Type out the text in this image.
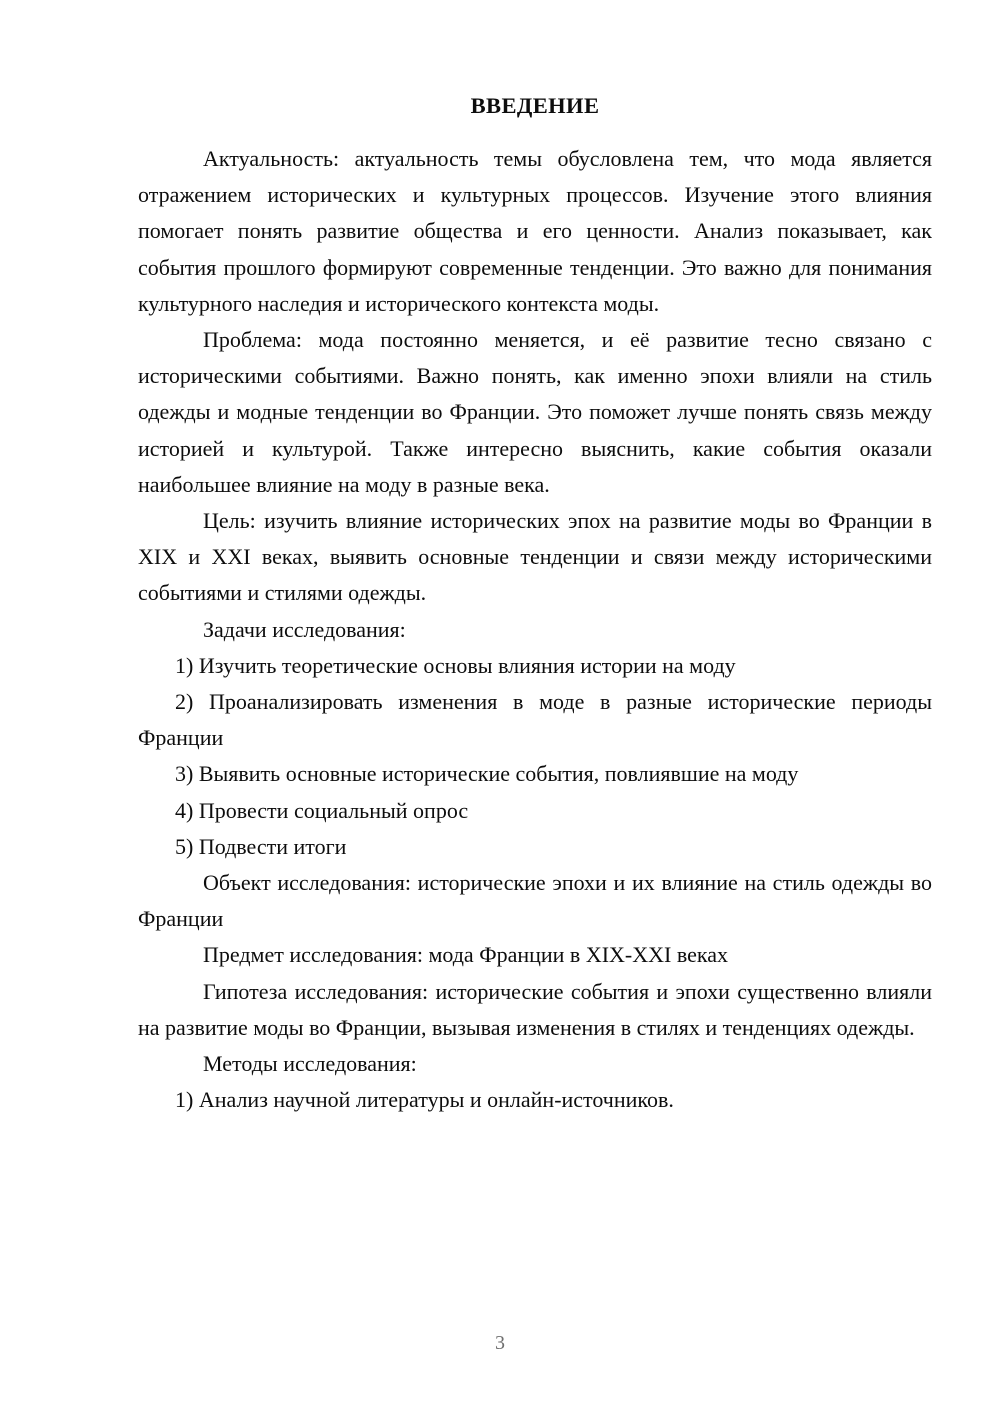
ВВЕДЕНИЕ

Актуальность: актуальность темы обусловлена тем, что мода является отражением исторических и культурных процессов. Изучение этого влияния помогает понять развитие общества и его ценности. Анализ показывает, как события прошлого формируют современные тенденции. Это важно для понимания культурного наследия и исторического контекста моды.

Проблема: мода постоянно меняется, и её развитие тесно связано с историческими событиями. Важно понять, как именно эпохи влияли на стиль одежды и модные тенденции во Франции. Это поможет лучше понять связь между историей и культурой. Также интересно выяснить, какие события оказали наибольшее влияние на моду в разные века.

Цель: изучить влияние исторических эпох на развитие моды во Франции в XIX и XXI веках, выявить основные тенденции и связи между историческими событиями и стилями одежды.

Задачи исследования:

1) Изучить теоретические основы влияния истории на моду

2) Проанализировать изменения в моде в разные исторические периоды Франции

3) Выявить основные исторические события, повлиявшие на моду

4) Провести социальный опрос

5) Подвести итоги

Объект исследования: исторические эпохи и их влияние на стиль одежды во Франции

Предмет исследования: мода Франции в XIX-XXI веках

Гипотеза исследования: исторические события и эпохи существенно влияли на развитие моды во Франции, вызывая изменения в стилях и тенденциях одежды.

Методы исследования:

1) Анализ научной литературы и онлайн-источников.

3
